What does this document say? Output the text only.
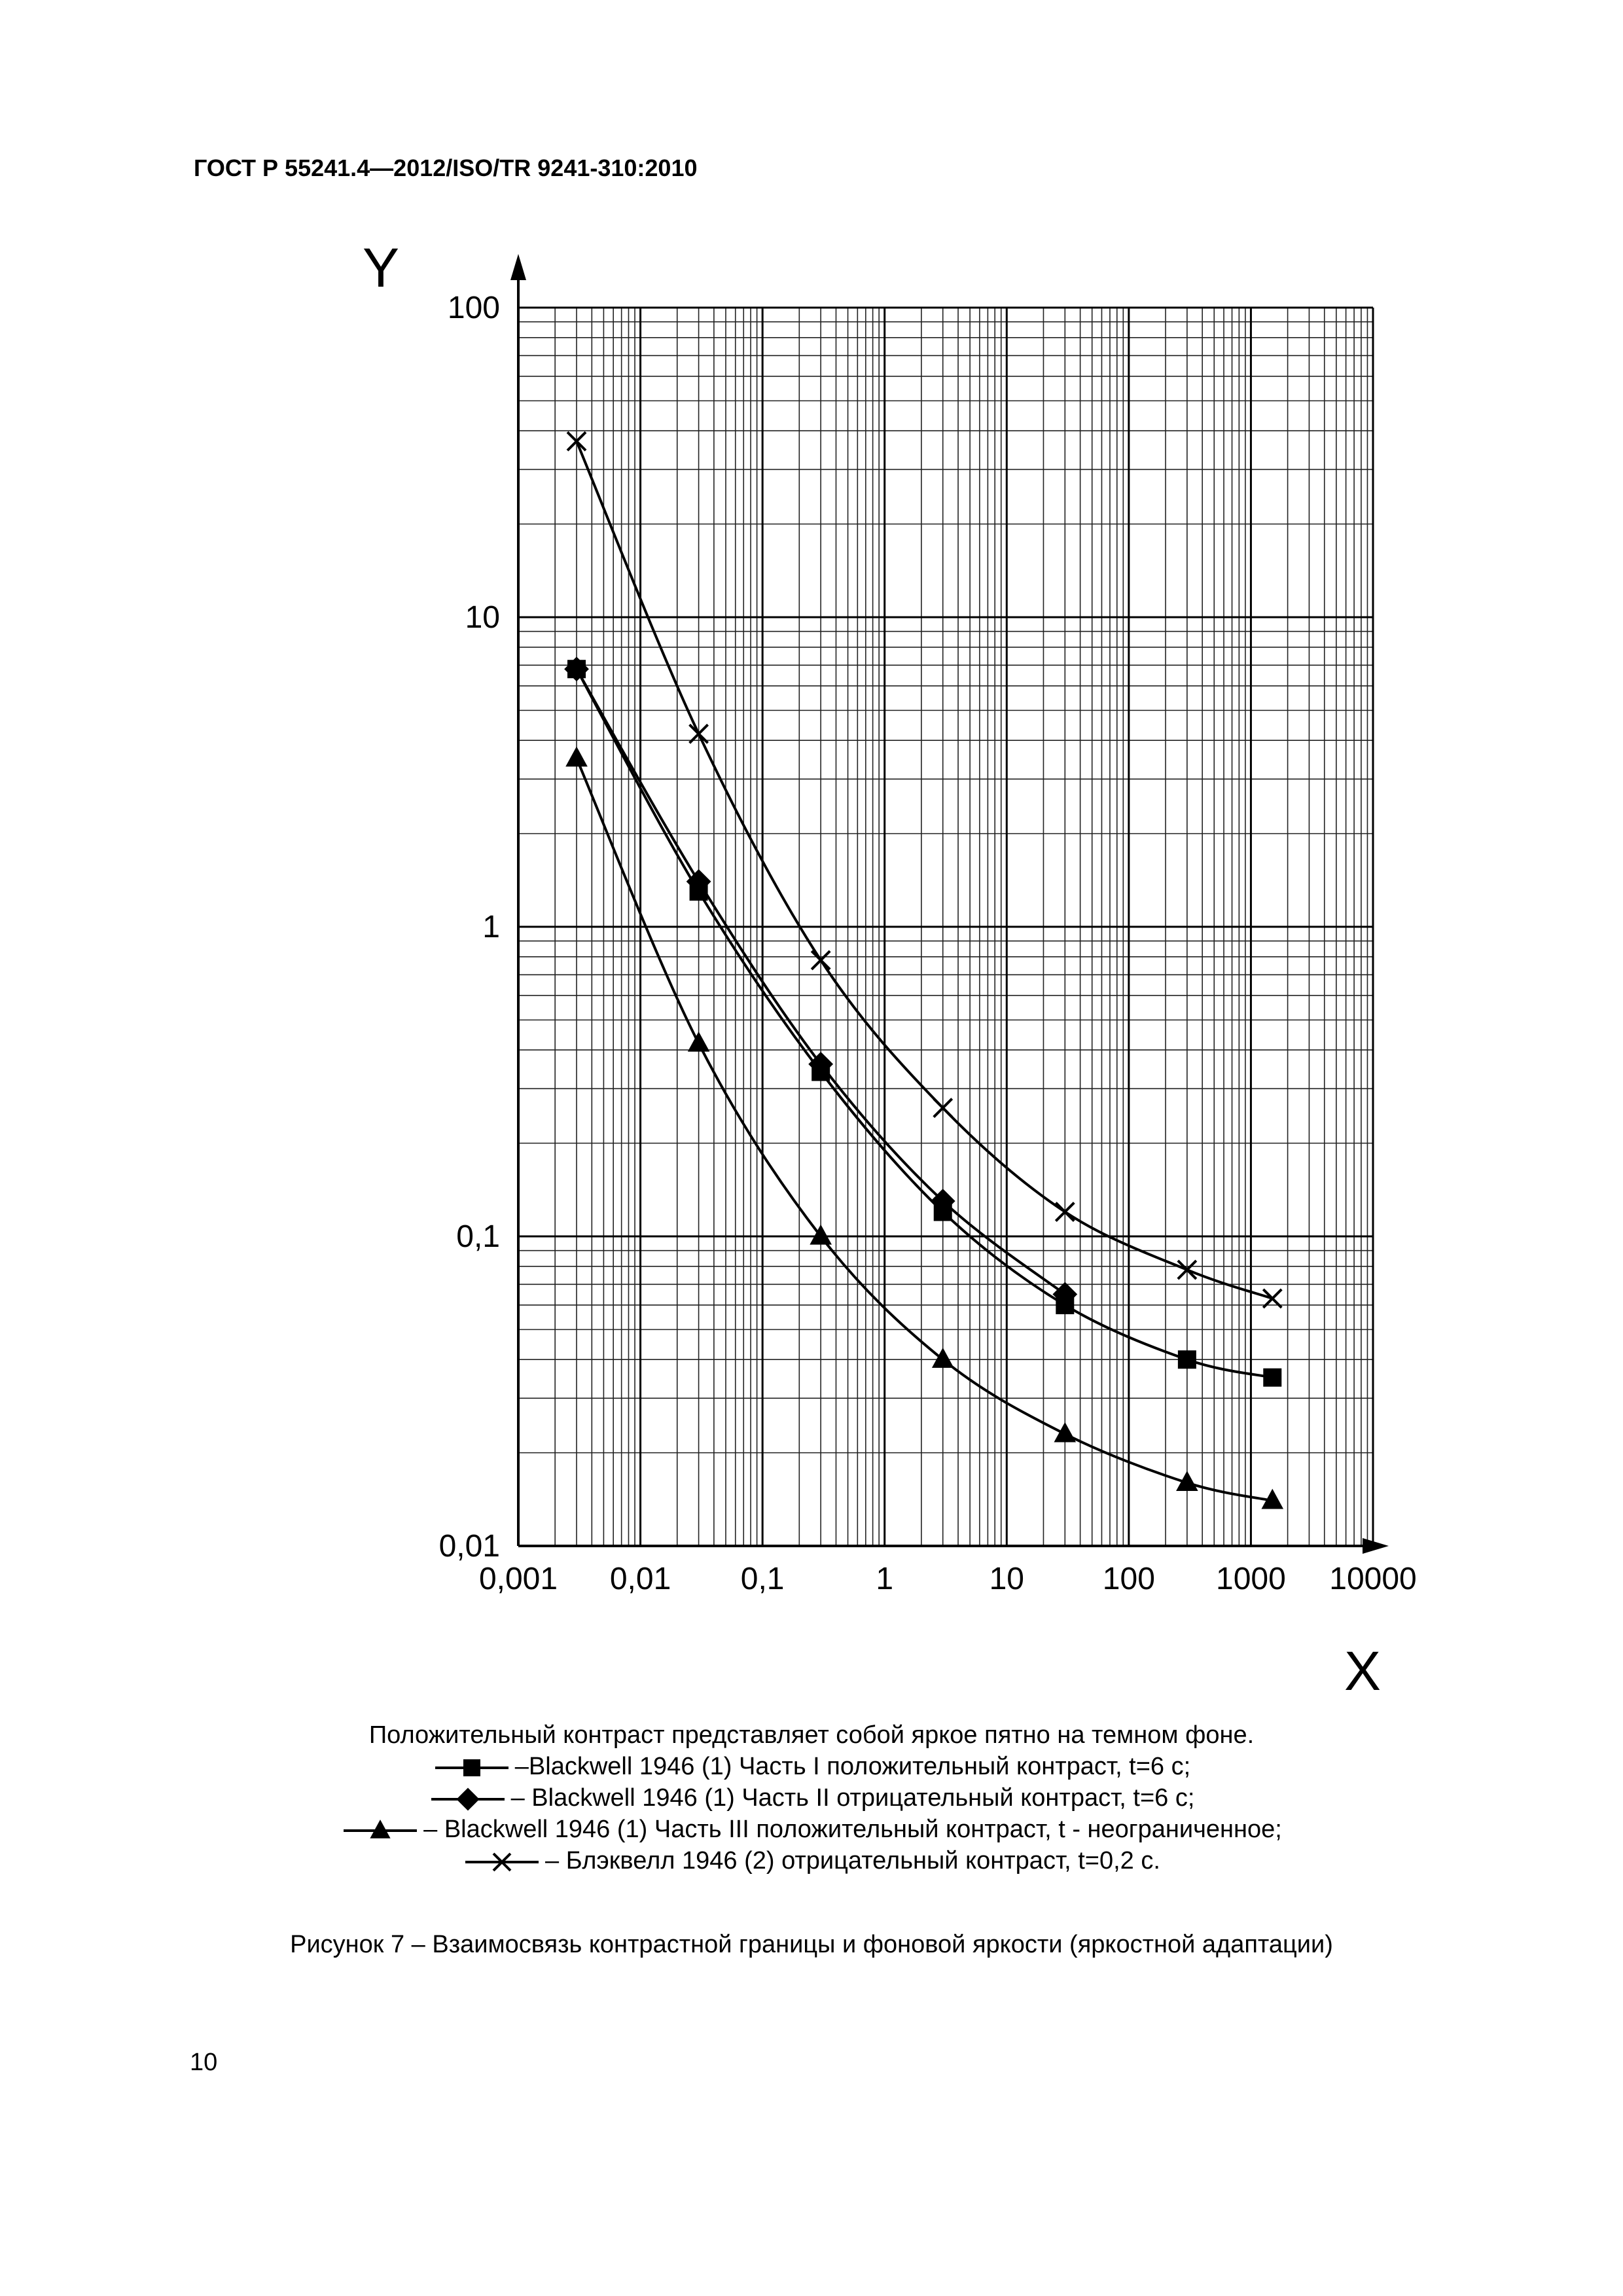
ГОСТ Р 55241.4—2012/ISO/TR 9241-310:2010
0,001 0,01 0,1	1	10 100 1000 10000
0,01
0,1
1
10
100
Y
X
Положительный контраст представляет собой яркое пятно на темном фоне.
–Blackwell 1946 (1) Часть I положительный контраст, t=6 с;
– Blackwell 1946 (1) Часть II отрицательный контраст, t=6 с;
– Blackwell 1946 (1) Часть III положительный контраст, t - неограниченное;
– Блэквелл 1946 (2) отрицательный контраст, t=0,2 с.
Рисунок 7 – Взаимосвязь контрастной границы и фоновой яркости (яркостной адаптации)
10
